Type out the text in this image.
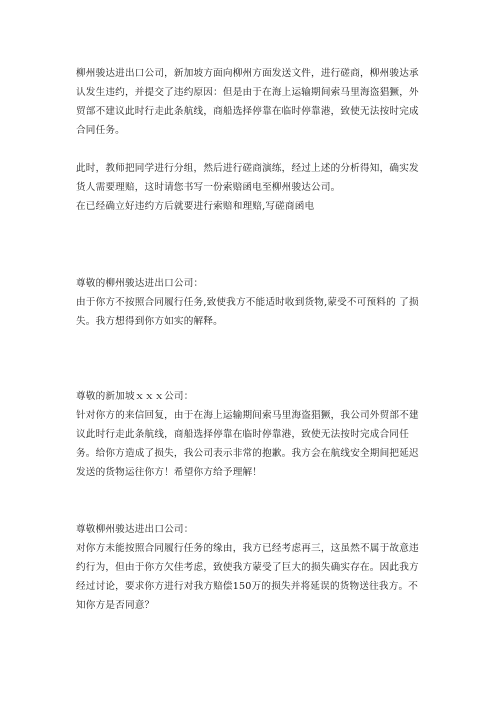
柳州骏达进出口公司，新加坡方面向柳州方面发送文件，进行磋商，柳州骏达承认发生违约，并提交了违约原因：但是由于在海上运输期间索马里海盗猖獗，外贸部不建议此时行走此条航线，商船选择停靠在临时停靠港，致使无法按时完成合同任务。

此时，教师把同学进行分组，然后进行磋商演练，经过上述的分析得知，确实发货人需要理赔，这时请您书写一份索赔函电至柳州骏达公司。

在已经确立好违约方后就要进行索赔和理赔,写磋商函电

尊敬的柳州骏达进出口公司：

由于你方不按照合同履行任务,致使我方不能适时收到货物,蒙受不可预料的 了损失。我方想得到你方如实的解释。

尊敬的新加坡ｘｘｘ公司：

针对你方的来信回复，由于在海上运输期间索马里海盗猖獗，我公司外贸部不建议此时行走此条航线，商船选择停靠在临时停靠港，致使无法按时完成合同任务。给你方造成了损失，我公司表示非常的抱歉。我方会在航线安全期间把延迟发送的货物运往你方！希望你方给予理解！

尊敬柳州骏达进出口公司：

对你方未能按照合同履行任务的缘由，我方已经考虑再三，这虽然不属于故意违约行为，但由于你方欠佳考虑，致使我方蒙受了巨大的损失确实存在。因此我方经过讨论，要求你方进行对我方赔偿150万的损失并将延误的货物送往我方。不知你方是否同意？
